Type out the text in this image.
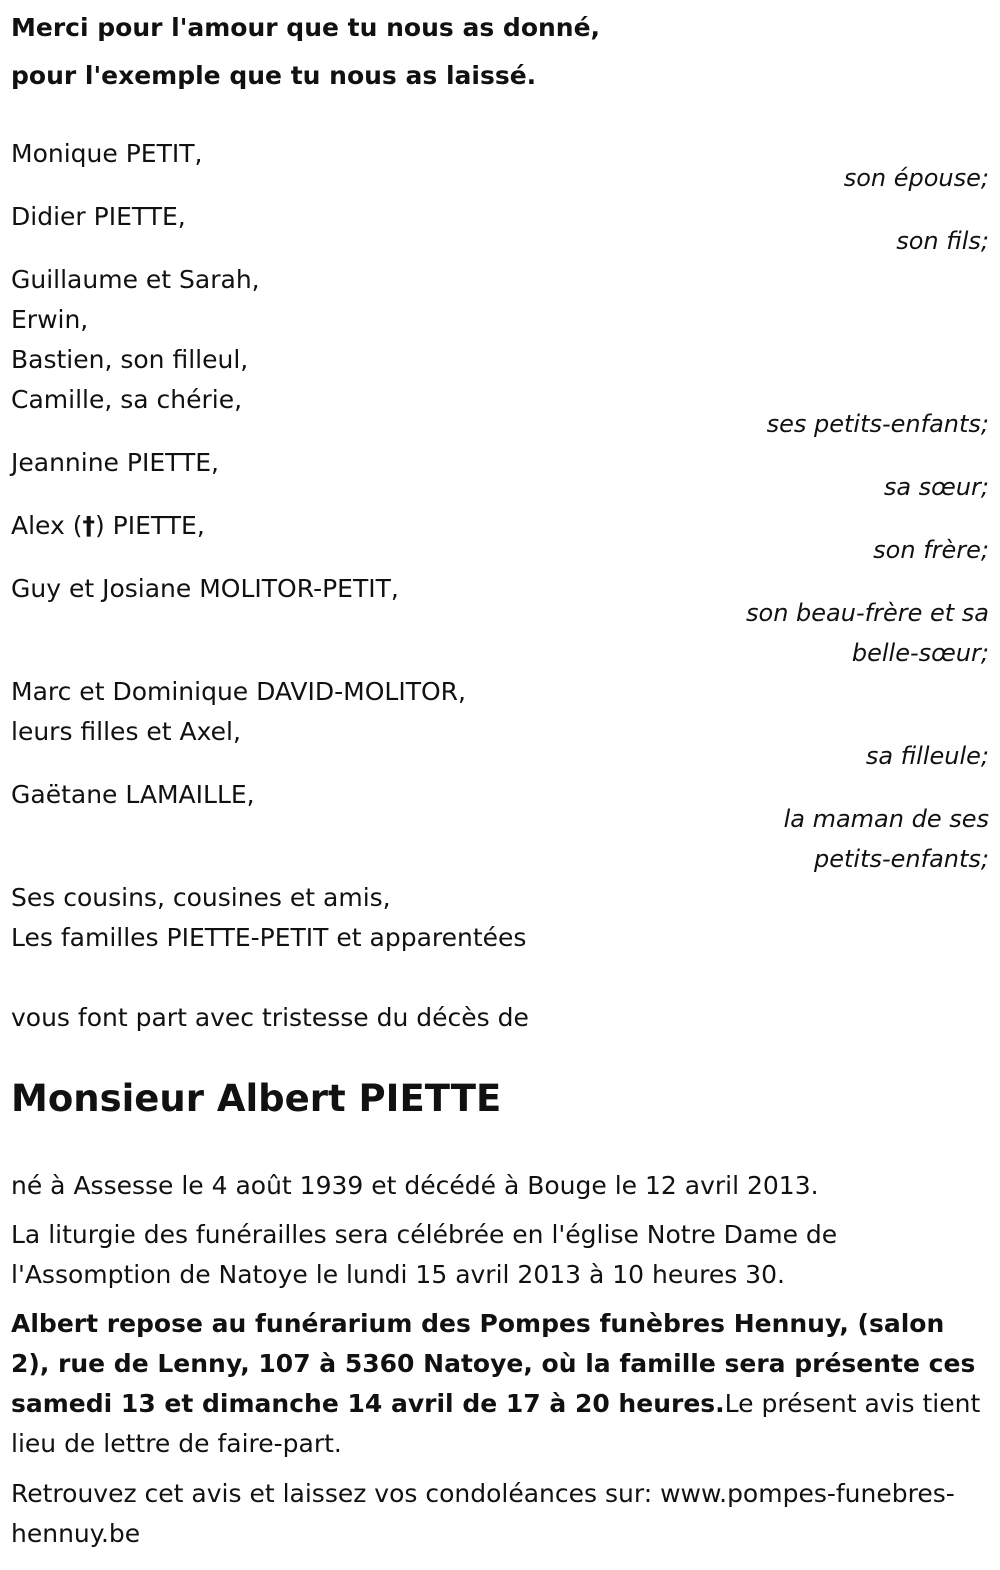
Merci pour l'amour que tu nous as donné,
pour l'exemple que tu nous as laissé.
Monique PETIT,
son épouse;
Didier PIETTE,
son fils;
Guillaume et Sarah,
Erwin,
Bastien, son filleul,
Camille, sa chérie,
ses petits-enfants;
Jeannine PIETTE,
sa sœur;
Alex (†) PIETTE,
son frère;
Guy et Josiane MOLITOR-PETIT,
son beau-frère et sa
belle-sœur;
Marc et Dominique DAVID-MOLITOR,
leurs filles et Axel,
sa filleule;
Gaëtane LAMAILLE,
la maman de ses
petits-enfants;
Ses cousins, cousines et amis,
Les familles PIETTE-PETIT et apparentées
vous font part avec tristesse du décès de
Monsieur Albert PIETTE
né à Assesse le 4 août 1939 et décédé à Bouge le 12 avril 2013.
La liturgie des funérailles sera célébrée en l'église Notre Dame de l'Assomption de Natoye le lundi 15 avril 2013 à 10 heures 30.
Albert repose au funérarium des Pompes funèbres Hennuy, (salon 2), rue de Lenny, 107 à 5360 Natoye, où la famille sera présente ces samedi 13 et dimanche 14 avril de 17 à 20 heures.Le présent avis tient lieu de lettre de faire-part.
Retrouvez cet avis et laissez vos condoléances sur: www.pompes-funebres-hennuy.be
